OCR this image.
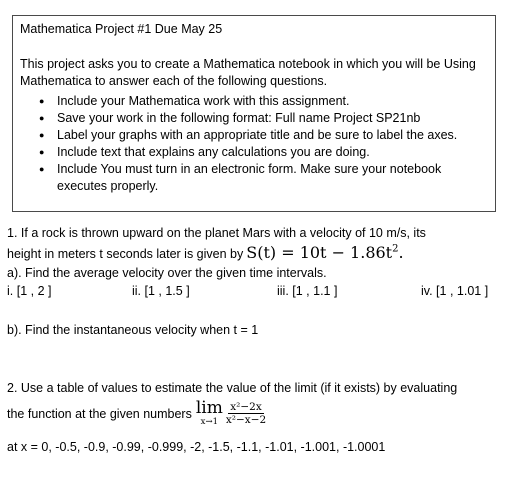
Mathematica Project #1 Due May 25
This project asks you to create a Mathematica notebook in which you will be Using Mathematica to answer each of the following questions.
● Include your Mathematica work with this assignment.
● Save your work in the following format: Full name Project SP21nb
● Label your graphs with an appropriate title and be sure to label the axes.
● Include text that explains any calculations you are doing.
● Include You must turn in an electronic form. Make sure your notebook executes properly.
1. If a rock is thrown upward on the planet Mars with a velocity of 10 m/s, its
height in meters t seconds later is given by $S(t) = 10t - 1.86t^2$.
a). Find the average velocity over the given time intervals.
i. [1 , 2 ]	ii. [1 , 1.5 ]	iii. [1 , 1.1 ]	iv. [1 , 1.01 ]
b). Find the instantaneous velocity when t = 1
2. Use a table of values to estimate the value of the limit (if it exists) by evaluating
the function at the given numbers lim
$x\to 1 \frac{\text{x²−2x}}{\text{x²−x−2}}$
at x = 0, -0.5, -0.9, -0.99, -0.999, -2, -1.5, -1.1, -1.01, -1.001, -1.0001
